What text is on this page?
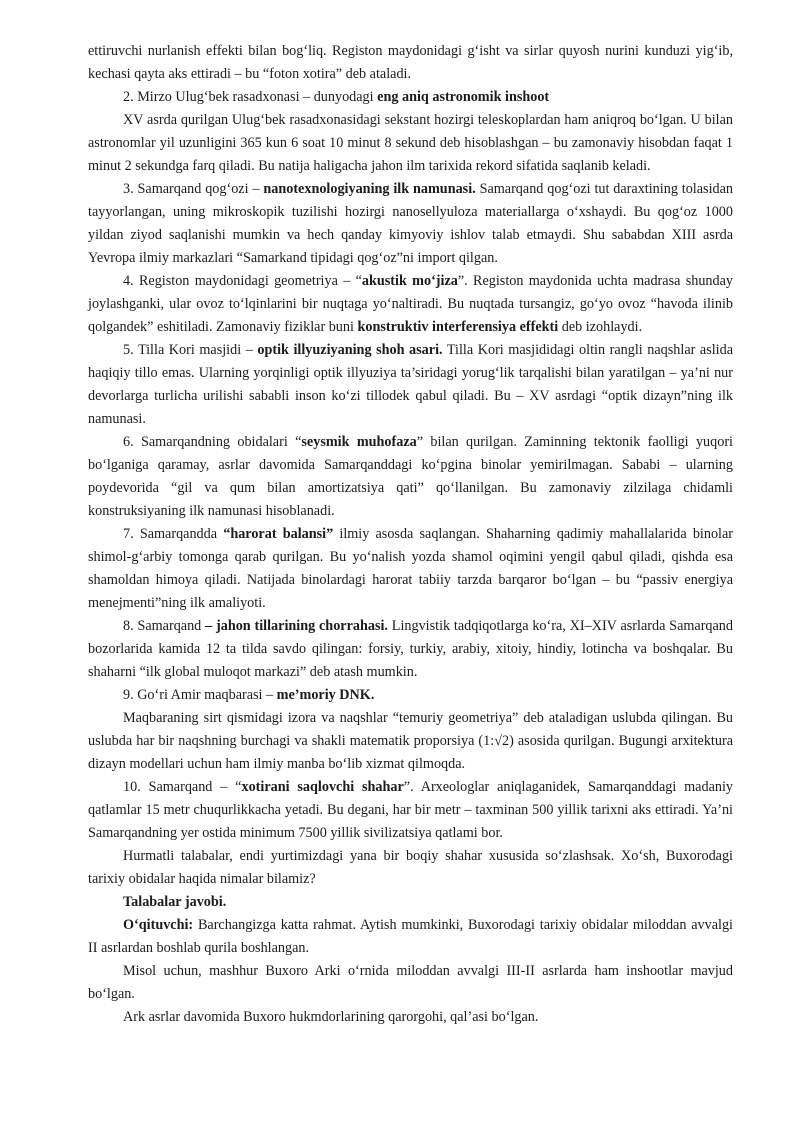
ettiruvchi nurlanish effekti bilan bog‘liq. Registon maydonidagi g‘isht va sirlar quyosh nurini kunduzi yig‘ib, kechasi qayta aks ettiradi – bu “foton xotira” deb ataladi.

2. Mirzo Ulug‘bek rasadxonasi – dunyodagi eng aniq astronomik inshoot

XV asrda qurilgan Ulug‘bek rasadxonasidagi sekstant hozirgi teleskoplardan ham aniqroq bo‘lgan. U bilan astronomlar yil uzunligini 365 kun 6 soat 10 minut 8 sekund deb hisoblashgan – bu zamonaviy hisobdan faqat 1 minut 2 sekundga farq qiladi. Bu natija haligacha jahon ilm tarixida rekord sifatida saqlanib keladi.

3. Samarqand qog‘ozi – nanotexnologiyaning ilk namunasi. Samarqand qog‘ozi tut daraxtining tolasidan tayyorlangan, uning mikroskopik tuzilishi hozirgi nanosellyuloza materiallarga o‘xshaydi. Bu qog‘oz 1000 yildan ziyod saqlanishi mumkin va hech qanday kimyoviy ishlov talab etmaydi. Shu sababdan XIII asrda Yevropa ilmiy markazlari “Samarkand tipidagi qog‘oz”ni import qilgan.

4. Registon maydonidagi geometriya – “akustik mo‘jiza”. Registon maydonida uchta madrasa shunday joylashganki, ular ovoz to‘lqinlarini bir nuqtaga yo‘naltiradi. Bu nuqtada tursangiz, go‘yo ovoz “havoda ilinib qolgandek” eshitiladi. Zamonaviy fiziklar buni konstruktiv interferensiya effekti deb izohlaydi.

5. Tilla Kori masjidi – optik illyuziyaning shoh asari. Tilla Kori masjididagi oltin rangli naqshlar aslida haqiqiy tillo emas. Ularning yorqinligi optik illyuziya ta’siridagi yorug‘lik tarqalishi bilan yaratilgan – ya’ni nur devorlarga turlicha urilishi sababli inson ko‘zi tillodek qabul qiladi. Bu – XV asrdagi “optik dizayn”ning ilk namunasi.

6. Samarqandning obidalari “seysmik muhofaza” bilan qurilgan. Zaminning tektonik faolligi yuqori bo‘lganiga qaramay, asrlar davomida Samarqanddagi ko‘pgina binolar yemirilmagan. Sababi – ularning poydevorida “gil va qum bilan amortizatsiya qati” qo‘llanilgan. Bu zamonaviy zilzilaga chidamli konstruksiyaning ilk namunasi hisoblanadi.

7. Samarqandda “harorat balansi” ilmiy asosda saqlangan. Shaharning qadimiy mahallalarida binolar shimol-g‘arbiy tomonga qarab qurilgan. Bu yo‘nalish yozda shamol oqimini yengil qabul qiladi, qishda esa shamoldan himoya qiladi. Natijada binolardagi harorat tabiiy tarzda barqaror bo‘lgan – bu “passiv energiya menejmenti”ning ilk amaliyoti.

8. Samarqand – jahon tillarining chorrahasi. Lingvistik tadqiqotlarga ko‘ra, XI–XIV asrlarda Samarqand bozorlarida kamida 12 ta tilda savdo qilingan: forsiy, turkiy, arabiy, xitoiy, hindiy, lotincha va boshqalar. Bu shaharni “ilk global muloqot markazi” deb atash mumkin.

9. Go‘ri Amir maqbarasi – me’moriy DNK.

Maqbaraning sirt qismidagi izora va naqshlar “temuriy geometriya” deb ataladigan uslubda qilingan. Bu uslubda har bir naqshning burchagi va shakli matematik proporsiya (1:√2) asosida qurilgan. Bugungi arxitektura dizayn modellari uchun ham ilmiy manba bo‘lib xizmat qilmoqda.

10. Samarqand – “xotirani saqlovchi shahar”. Arxeologlar aniqlaganidek, Samarqanddagi madaniy qatlamlar 15 metr chuqurlikkacha yetadi. Bu degani, har bir metr – taxminan 500 yillik tarixni aks ettiradi. Ya’ni Samarqandning yer ostida minimum 7500 yillik sivilizatsiya qatlami bor.

Hurmatli talabalar, endi yurtimizdagi yana bir boqiy shahar xususida so‘zlashsak. Xo‘sh, Buxorodagi tarixiy obidalar haqida nimalar bilamiz?

Talabalar javobi.

O‘qituvchi: Barchangizga katta rahmat. Aytish mumkinki, Buxorodagi tarixiy obidalar miloddan avvalgi II asrlardan boshlab qurila boshlangan.

Misol uchun, mashhur Buxoro Arki o‘rnida miloddan avvalgi III-II asrlarda ham inshootlar mavjud bo‘lgan.

Ark asrlar davomida Buxoro hukmdorlarining qarorgohi, qal’asi bo‘lgan.
